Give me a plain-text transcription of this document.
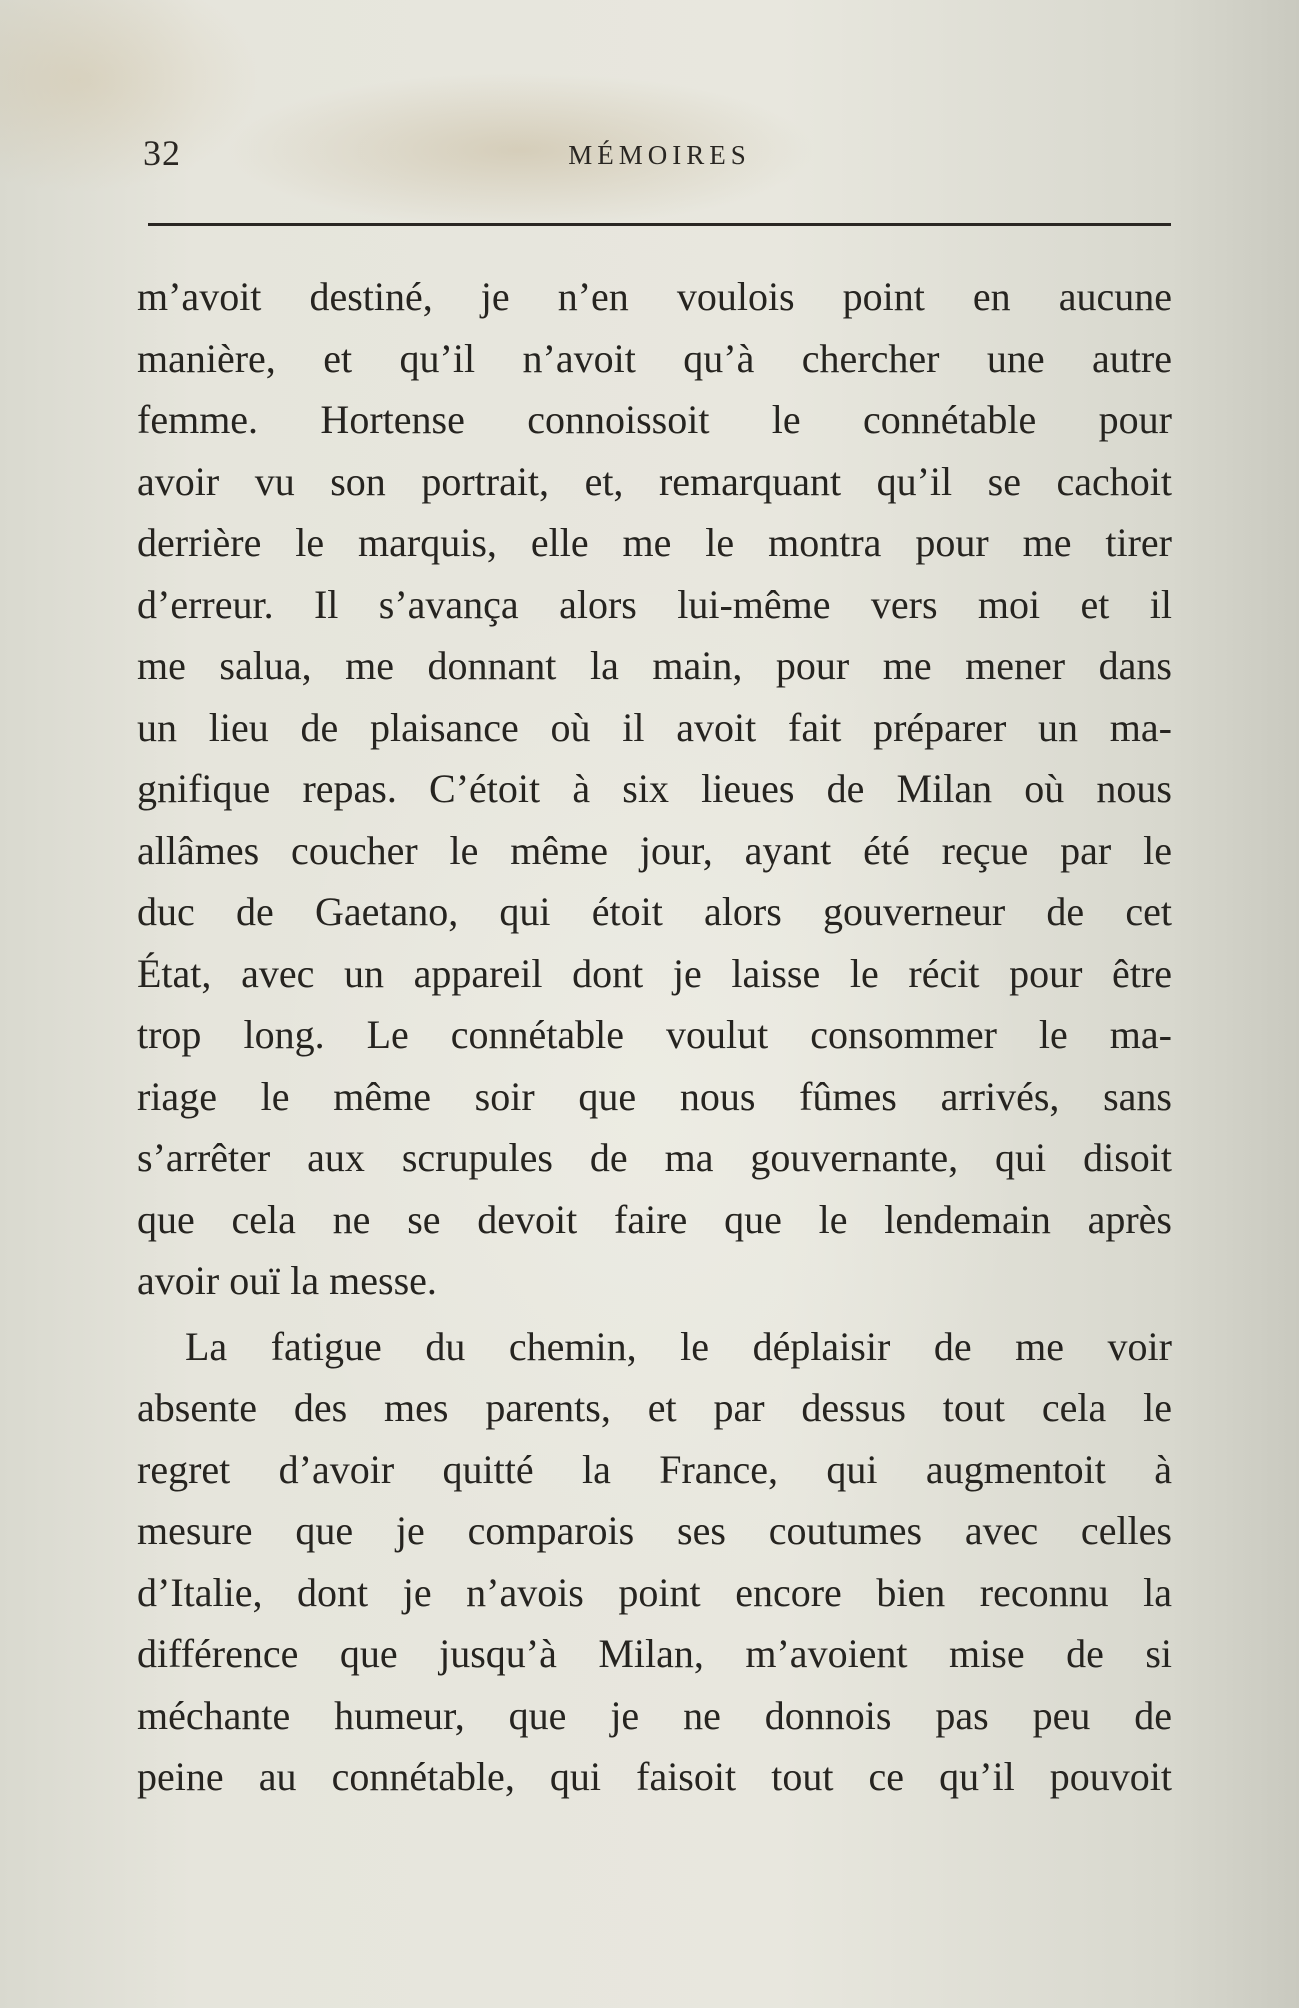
32	MÉMOIRES
m’avoit destiné, je n’en voulois point en aucune
manière, et qu’il n’avoit qu’à chercher une autre
femme. Hortense connoissoit le connétable pour
avoir vu son portrait, et, remarquant qu’il se cachoit
derrière le marquis, elle me le montra pour me tirer
d’erreur. Il s’avança alors lui-même vers moi et il
me salua, me donnant la main, pour me mener dans
un lieu de plaisance où il avoit fait préparer un ma-
gnifique repas. C’étoit à six lieues de Milan où nous
allâmes coucher le même jour, ayant été reçue par le
duc de Gaetano, qui étoit alors gouverneur de cet
État, avec un appareil dont je laisse le récit pour être
trop long. Le connétable voulut consommer le ma-
riage le même soir que nous fûmes arrivés, sans
s’arrêter aux scrupules de ma gouvernante, qui disoit
que cela ne se devoit faire que le lendemain après
avoir ouï la messe.
La fatigue du chemin, le déplaisir de me voir
absente des mes parents, et par dessus tout cela le
regret d’avoir quitté la France, qui augmentoit à
mesure que je comparois ses coutumes avec celles
d’Italie, dont je n’avois point encore bien reconnu la
différence que jusqu’à Milan, m’avoient mise de si
méchante humeur, que je ne donnois pas peu de
peine au connétable, qui faisoit tout ce qu’il pouvoit
